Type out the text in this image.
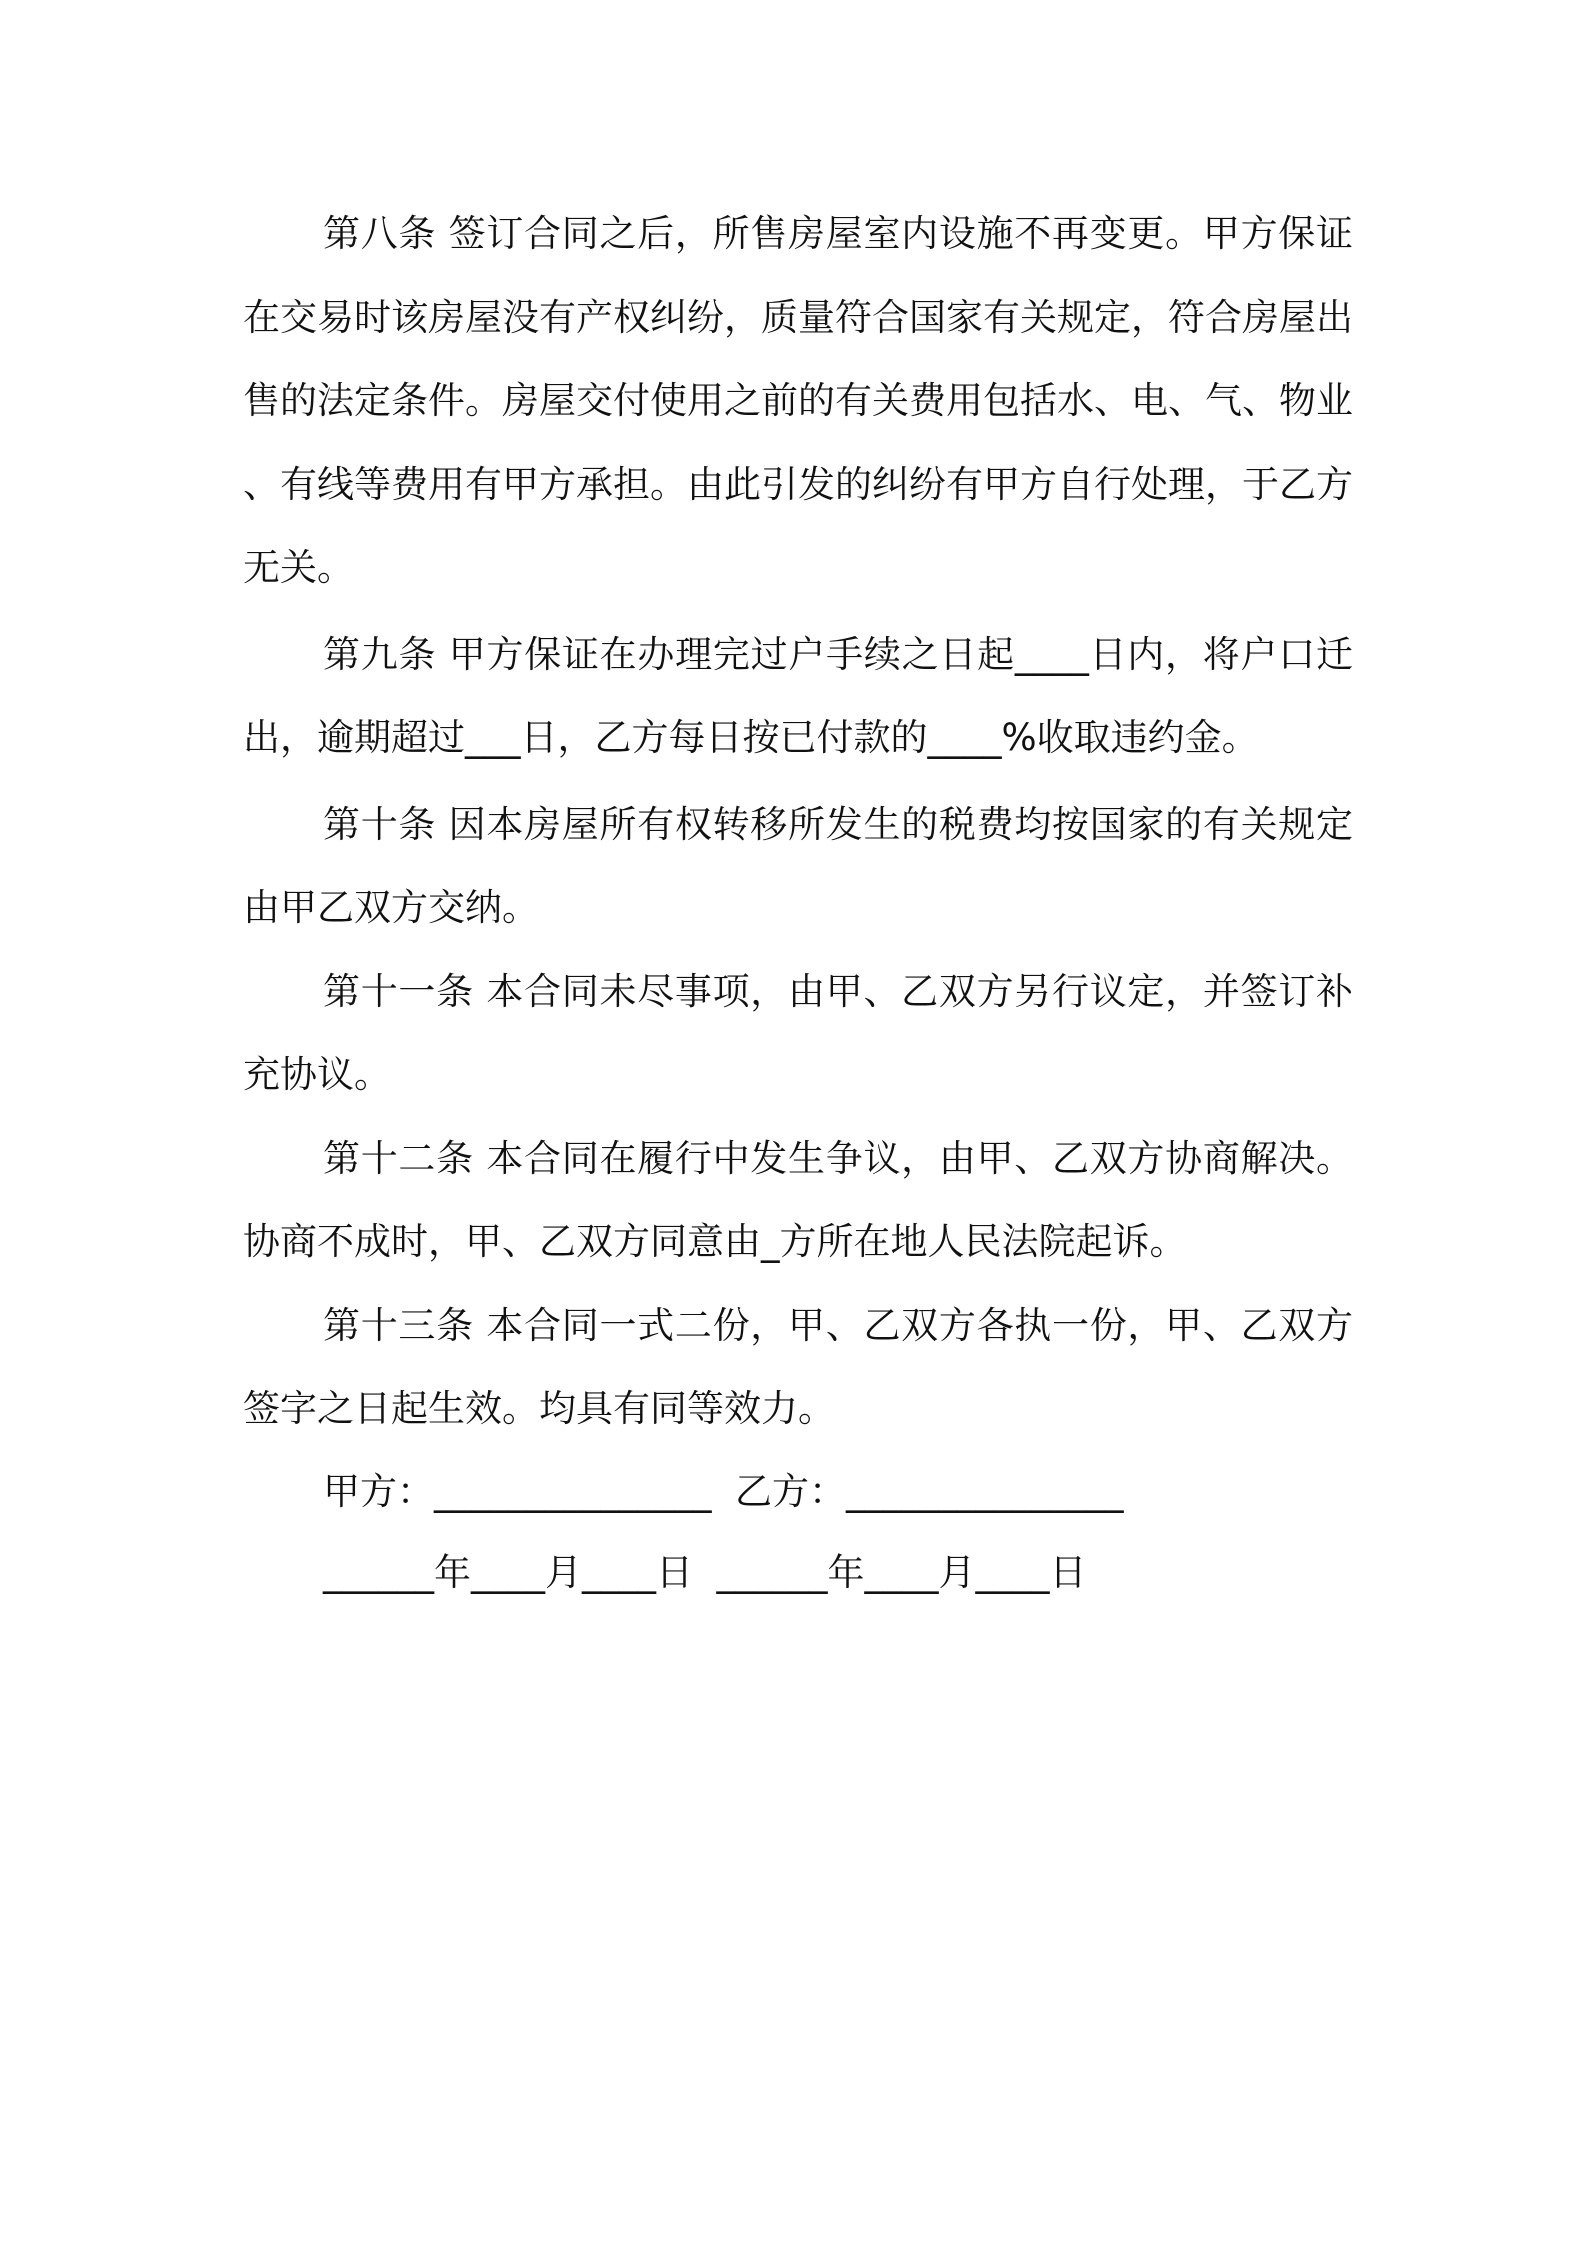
第八条 签订合同之后，所售房屋室内设施不再变更。甲方保证在交易时该房屋没有产权纠纷，质量符合国家有关规定，符合房屋出售的法定条件。房屋交付使用之前的有关费用包括水、电、气、物业、有线等费用有甲方承担。由此引发的纠纷有甲方自行处理，于乙方无关。

第九条 甲方保证在办理完过户手续之日起____日内，将户口迁出，逾期超过___日，乙方每日按已付款的____%收取违约金。

第十条 因本房屋所有权转移所发生的税费均按国家的有关规定由甲乙双方交纳。

第十一条 本合同未尽事项，由甲、乙双方另行议定，并签订补充协议。

第十二条 本合同在履行中发生争议，由甲、乙双方协商解决。协商不成时，甲、乙双方同意由_方所在地人民法院起诉。

第十三条 本合同一式二份，甲、乙双方各执一份，甲、乙双方签字之日起生效。均具有同等效力。

甲方：_______________  乙方：_______________

______年____月____日  ______年____月____日
